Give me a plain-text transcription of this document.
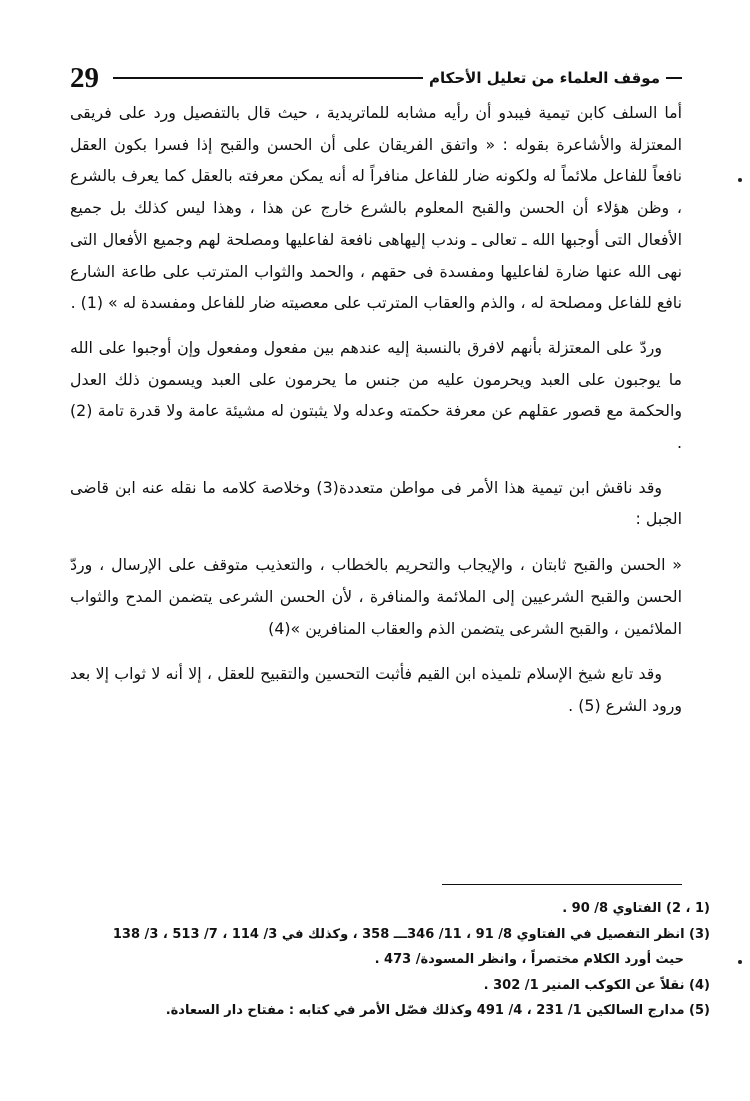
29	موقف العلماء من تعليل الأحكام

أما السلف كابن تيمية فيبدو أن رأيه مشابه للماتريدية ، حيث قال بالتفصيل ورد على فريقى المعتزلة والأشاعرة بقوله : « واتفق الفريقان على أن الحسن والقبح إذا فسرا بكون العقل نافعاً للفاعل ملائماً له ولكونه ضار للفاعل منافراً له أنه يمكن معرفته بالعقل كما يعرف بالشرع ، وظن هؤلاء أن الحسن والقبح المعلوم بالشرع خارج عن هذا ، وهذا ليس كذلك بل جميع الأفعال التى أوجبها الله ـ تعالى ـ وندب إليهاهى نافعة لفاعليها ومصلحة لهم وجميع الأفعال التى نهى الله عنها ضارة لفاعليها ومفسدة فى حقهم ، والحمد والثواب المترتب على طاعة الشارع نافع للفاعل ومصلحة له ، والذم والعقاب المترتب على معصيته ضار للفاعل ومفسدة له » (1) .

وردّ على المعتزلة بأنهم لافرق بالنسبة إليه عندهم بين مفعول ومفعول وإن أوجبوا على الله ما يوجبون على العبد ويحرمون عليه من جنس ما يحرمون على العبد ويسمون ذلك العدل والحكمة مع قصور عقلهم عن معرفة حكمته وعدله ولا يثبتون له مشيئة عامة ولا قدرة تامة (2) .

وقد ناقش ابن تيمية هذا الأمر فى مواطن متعددة(3) وخلاصة كلامه ما نقله عنه ابن قاضى الجبل :

« الحسن والقبح ثابتان ، والإيجاب والتحريم بالخطاب ، والتعذيب متوقف على الإرسال ، وردّ الحسن والقبح الشرعيين إلى الملائمة والمنافرة ، لأن الحسن الشرعى يتضمن المدح والثواب الملائمين ، والقبح الشرعى يتضمن الذم والعقاب المنافرين »(4)

وقد تابع شيخ الإسلام تلميذه ابن القيم فأثبت التحسين والتقبيح للعقل ، إلا أنه لا ثواب إلا بعد ورود الشرع (5) .

(1 ، 2) الفتاوي 8/ 90 .
(3) انظر التفصيل في الفتاوي 8/ 91 ، 11/ 346ـــ 358 ، وكذلك في 3/ 114 ، 7/ 513 ، 3/ 138
حيث أورد الكلام مختصراً ، وانظر المسودة/ 473 .
(4) نقلاً عن الكوكب المنير 1/ 302 .
(5) مدارج السالكين 1/ 231 ، 4/ 491 وكذلك فصّل الأمر في كتابه : مفتاح دار السعادة.
